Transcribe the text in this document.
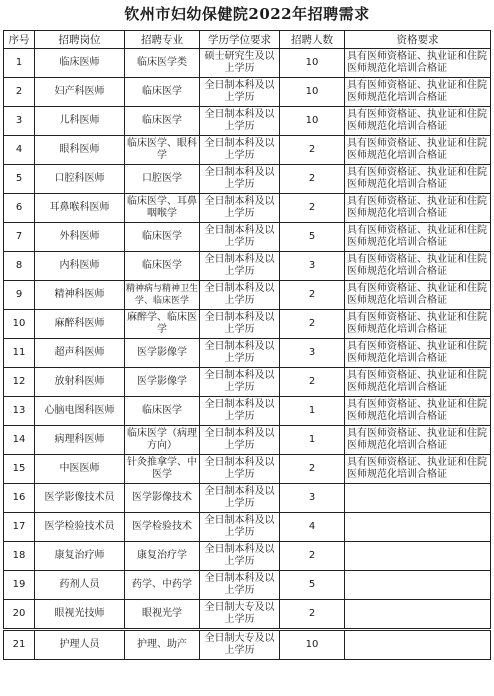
钦州市妇幼保健院2022年招聘需求
序号	招聘岗位	招聘专业	学历学位要求	招聘人数	资格要求
1	临床医师	临床医学类	硕士研究生及以上学历	10	具有医师资格证、执业证和住院医师规范化培训合格证
2	妇产科医师	临床医学	全日制本科及以上学历	10	具有医师资格证、执业证和住院医师规范化培训合格证
3	儿科医师	临床医学	全日制本科及以上学历	10	具有医师资格证、执业证和住院医师规范化培训合格证
4	眼科医师	临床医学、眼科学	全日制本科及以上学历	2	具有医师资格证、执业证和住院医师规范化培训合格证
5	口腔科医师	口腔医学	全日制本科及以上学历	2	具有医师资格证、执业证和住院医师规范化培训合格证
6	耳鼻喉科医师	临床医学、耳鼻咽喉学	全日制本科及以上学历	2	具有医师资格证、执业证和住院医师规范化培训合格证
7	外科医师	临床医学	全日制本科及以上学历	5	具有医师资格证、执业证和住院医师规范化培训合格证
8	内科医师	临床医学	全日制本科及以上学历	3	具有医师资格证、执业证和住院医师规范化培训合格证
9	精神科医师	精神病与精神卫生学、临床医学	全日制本科及以上学历	2	具有医师资格证、执业证和住院医师规范化培训合格证
10	麻醉科医师	麻醉学、临床医学	全日制本科及以上学历	2	具有医师资格证、执业证和住院医师规范化培训合格证
11	超声科医师	医学影像学	全日制本科及以上学历	3	具有医师资格证、执业证和住院医师规范化培训合格证
12	放射科医师	医学影像学	全日制本科及以上学历	2	具有医师资格证、执业证和住院医师规范化培训合格证
13	心脑电图科医师	临床医学	全日制本科及以上学历	1	具有医师资格证、执业证和住院医师规范化培训合格证
14	病理科医师	临床医学（病理方向）	全日制本科及以上学历	1	具有医师资格证、执业证和住院医师规范化培训合格证
15	中医医师	针灸推拿学、中医学	全日制本科及以上学历	2	具有医师资格证、执业证和住院医师规范化培训合格证
16	医学影像技术员	医学影像技术	全日制本科及以上学历	3	
17	医学检验技术员	医学检验技术	全日制本科及以上学历	4	
18	康复治疗师	康复治疗学	全日制本科及以上学历	2	
19	药剂人员	药学、中药学	全日制本科及以上学历	5	
20	眼视光技师	眼视光学	全日制大专及以上学历	2	

21	护理人员	护理、助产	全日制大专及以上学历	10	
